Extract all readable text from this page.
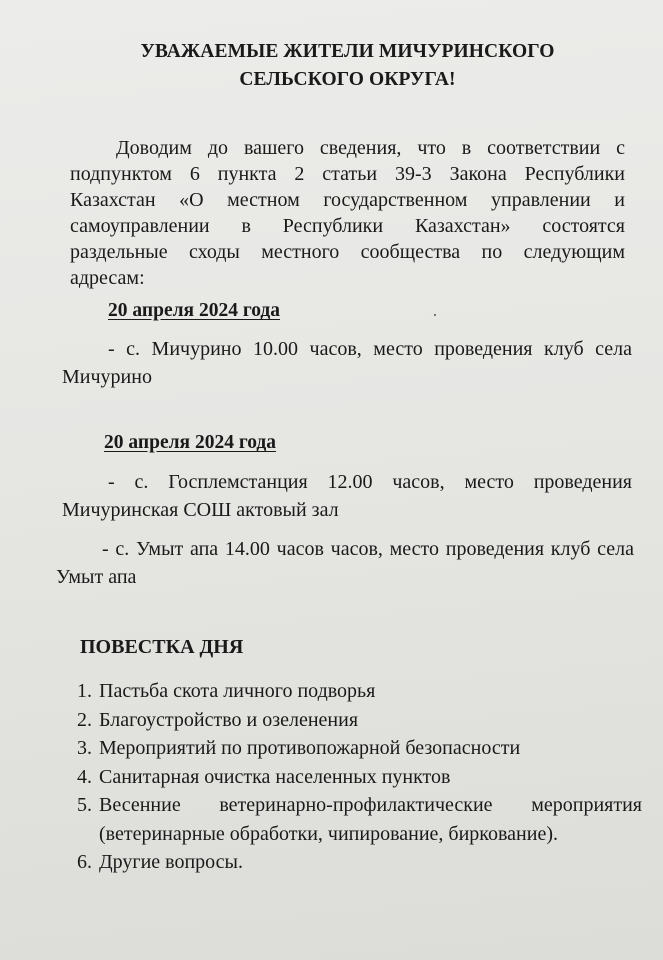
УВАЖАЕМЫЕ ЖИТЕЛИ МИЧУРИНСКОГО
СЕЛЬСКОГО ОКРУГА!
Доводим до вашего сведения, что в соответствии с подпунктом 6 пункта 2 статьи 39-3 Закона Республики Казахстан «О местном государственном управлении и самоуправлении в Республики Казахстан» состоятся раздельные сходы местного сообщества по следующим адресам:
20 апреля 2024 года
- с. Мичурино 10.00 часов, место проведения клуб села Мичурино
20 апреля 2024 года
- с. Госплемстанция 12.00 часов, место проведения Мичуринская СОШ актовый зал
- с. Умыт апа 14.00 часов часов, место проведения клуб села Умыт апа
ПОВЕСТКА ДНЯ
1. Пастьба скота личного подворья
2. Благоустройство и озеленения
3. Мероприятий по противопожарной безопасности
4. Санитарная очистка населенных пунктов
5. Весенние ветеринарно-профилактические мероприятия (ветеринарные обработки, чипирование, биркование).
6. Другие вопросы.
